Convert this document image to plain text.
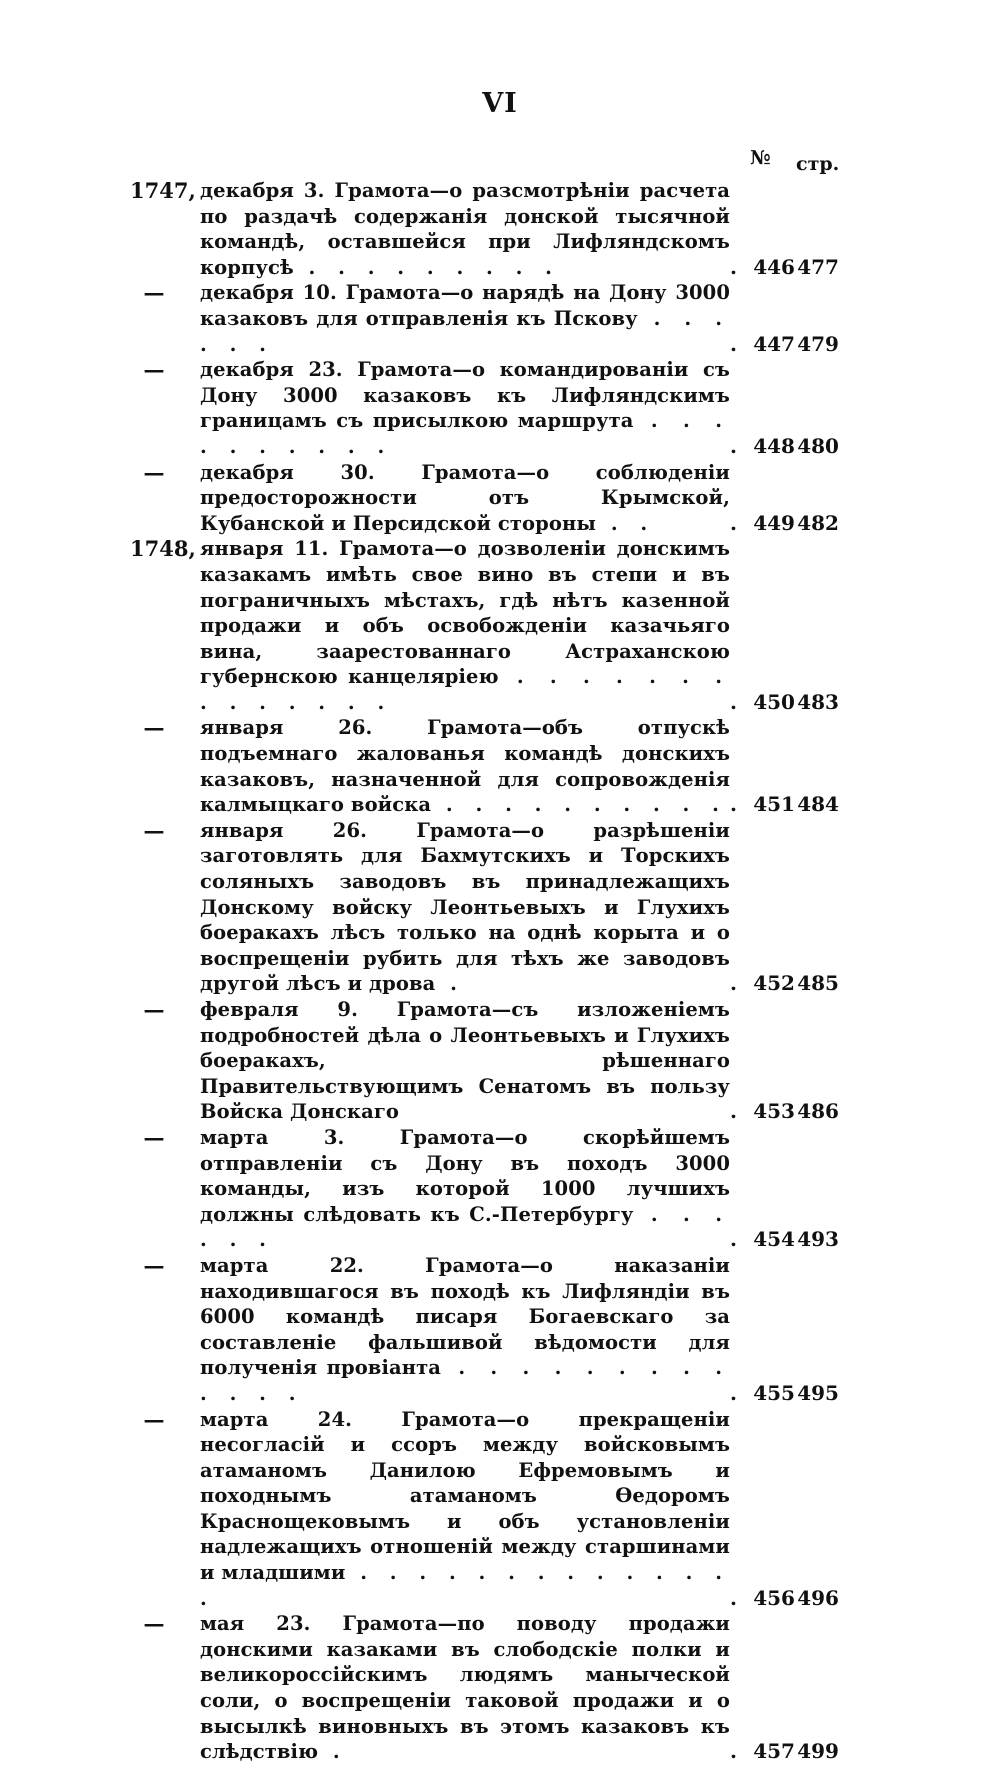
VI
№ стр.
1747, декабря 3. Грамота—о разсмотрѣніи расчета по раздачѣ содержанія донской тысячной командѣ, оставшейся при Лифляндскомъ корпусѣ . . . . . . . . .	. 446 477
— декабря 10. Грамота—о нарядѣ на Дону 3000 казаковъ для отправленія къ Пскову . . . . . .	. 447 479
— декабря 23. Грамота—о командированіи съ Дону 3000 казаковъ къ Лифляндскимъ границамъ съ присылкою маршрута . . . . . . . . . .	. 448 480
— декабря 30. Грамота—о соблюденіи предосторожности отъ Крымской, Кубанской и Персидской стороны . .	. 449 482
1748, января 11. Грамота—о дозволеніи донскимъ казакамъ имѣть свое вино въ степи и въ пограничныхъ мѣстахъ, гдѣ нѣтъ казенной продажи и объ освобожденіи казачьяго вина, заарестованнаго Астраханскою губернскою канцеляріею . . . . . . . . . . . . . .	. 450 483
— января 26. Грамота—объ отпускѣ подъемнаго жалованья командѣ донскихъ казаковъ, назначенной для сопровожденія калмыцкаго войска . . . . . . . . . . . 451 484
— января 26. Грамота—о разрѣшеніи заготовлять для Бахмутскихъ и Торскихъ соляныхъ заводовъ въ принадлежащихъ Донскому войску Леонтьевыхъ и Глухихъ боеракахъ лѣсъ только на однѣ корыта и о воспрещеніи рубить для тѣхъ же заводовъ другой лѣсъ и дрова .	. 452 485
— февраля 9. Грамота—съ изложеніемъ подробностей дѣла о Леонтьевыхъ и Глухихъ боеракахъ, рѣшеннаго Правительствующимъ Сенатомъ въ пользу Войска Донскаго	. 453 486
— марта 3. Грамота—о скорѣйшемъ отправленіи съ Дону въ походъ 3000 команды, изъ которой 1000 лучшихъ должны слѣдовать къ С.-Петербургу . . . . . .	. 454 493
— марта 22. Грамота—о наказаніи находившагося въ походѣ къ Лифляндіи въ 6000 командѣ писаря Богаевскаго за составленіе фальшивой вѣдомости для полученія провіанта . . . . . . . . . . . . .	. 455 495
— марта 24. Грамота—о прекращеніи несогласій и ссоръ между войсковымъ атаманомъ Данилою Ефремовымъ и походнымъ атаманомъ Ѳедоромъ Краснощековымъ и объ установленіи надлежащихъ отношеній между старшинами и младшими . . . . . . . . . . . . . .	. 456 496
— мая 23. Грамота—по поводу продажи донскими казаками въ слободскіе полки и великороссійскимъ людямъ маныческой соли, о воспрещеніи таковой продажи и о высылкѣ виновныхъ въ этомъ казаковъ къ слѣдствію .	. 457 499
